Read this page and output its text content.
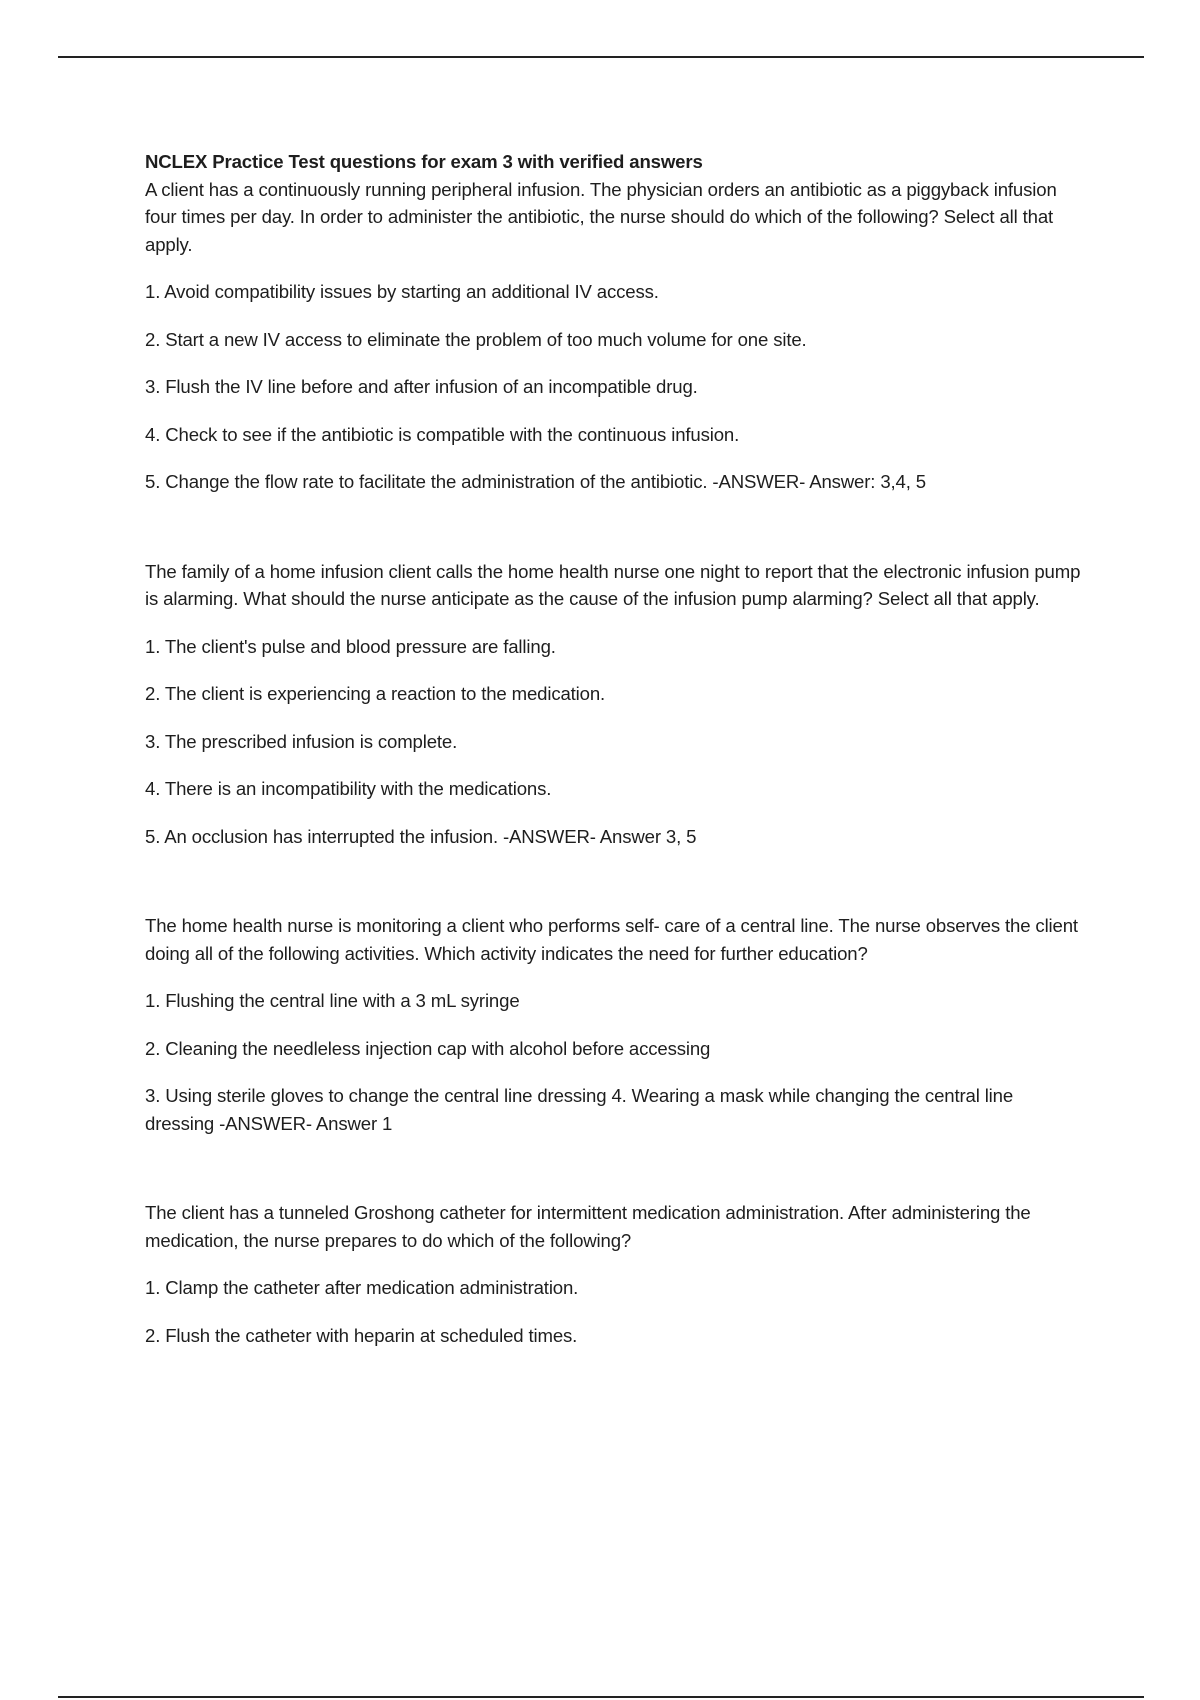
NCLEX Practice Test questions for exam 3 with verified answers

A client has a continuously running peripheral infusion. The physician orders an antibiotic as a piggyback infusion four times per day. In order to administer the antibiotic, the nurse should do which of the following? Select all that apply.

1. Avoid compatibility issues by starting an additional IV access.

2. Start a new IV access to eliminate the problem of too much volume for one site.

3. Flush the IV line before and after infusion of an incompatible drug.

4. Check to see if the antibiotic is compatible with the continuous infusion.

5. Change the flow rate to facilitate the administration of the antibiotic. -ANSWER- Answer: 3,4, 5

The family of a home infusion client calls the home health nurse one night to report that the electronic infusion pump is alarming. What should the nurse anticipate as the cause of the infusion pump alarming? Select all that apply.

1. The client's pulse and blood pressure are falling.

2. The client is experiencing a reaction to the medication.

3. The prescribed infusion is complete.

4. There is an incompatibility with the medications.

5. An occlusion has interrupted the infusion. -ANSWER- Answer 3, 5

The home health nurse is monitoring a client who performs self- care of a central line. The nurse observes the client doing all of the following activities. Which activity indicates the need for further education?

1. Flushing the central line with a 3 mL syringe

2. Cleaning the needleless injection cap with alcohol before accessing

3. Using sterile gloves to change the central line dressing 4. Wearing a mask while changing the central line dressing -ANSWER- Answer 1

The client has a tunneled Groshong catheter for intermittent medication administration. After administering the medication, the nurse prepares to do which of the following?

1. Clamp the catheter after medication administration.

2. Flush the catheter with heparin at scheduled times.
